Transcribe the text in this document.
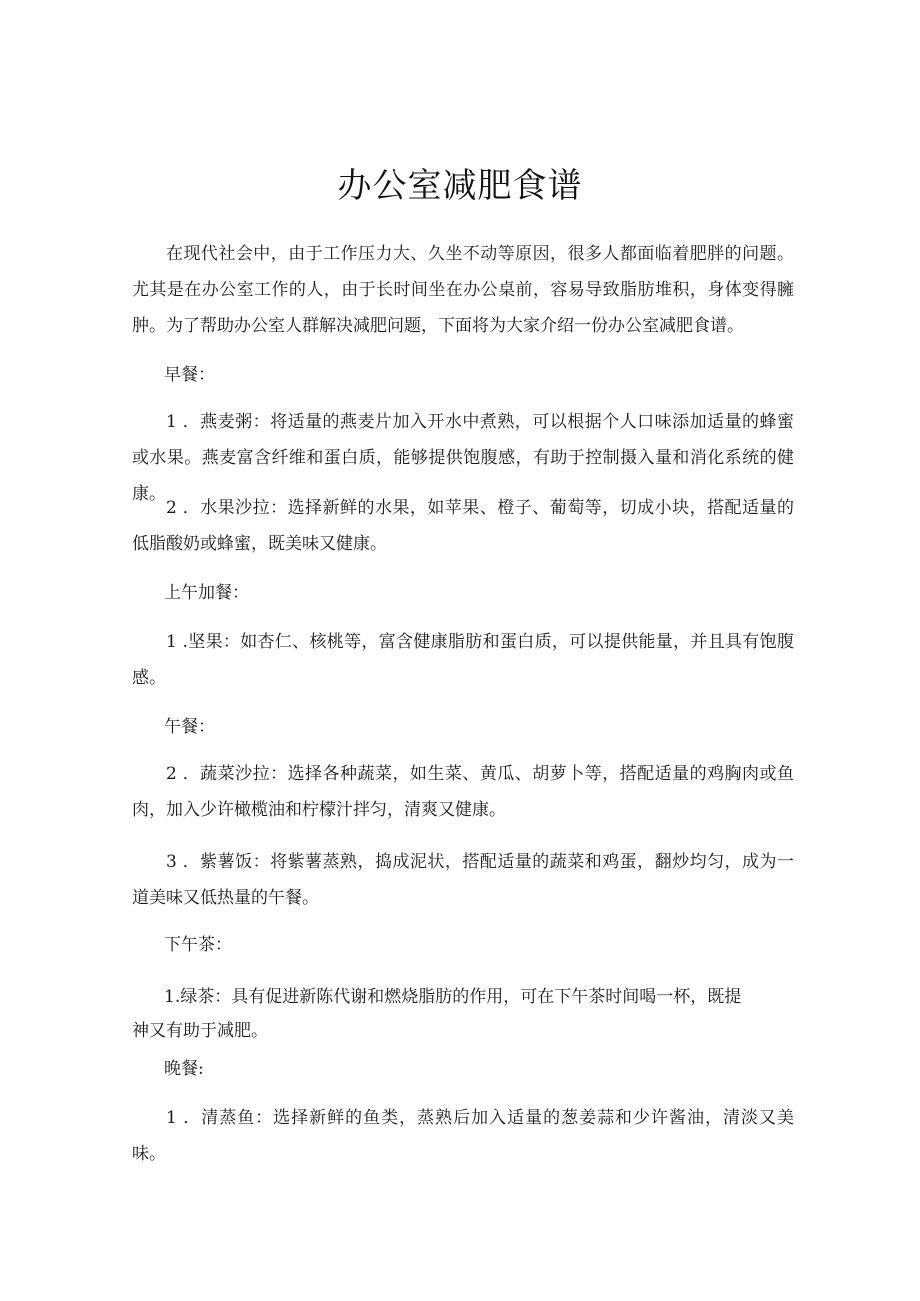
办公室减肥食谱
在现代社会中，由于工作压力大、久坐不动等原因，很多人都面临着肥胖的问题。尤其是在办公室工作的人，由于长时间坐在办公桌前，容易导致脂肪堆积，身体变得臃肿。为了帮助办公室人群解决减肥问题，下面将为大家介绍一份办公室减肥食谱。
早餐：
1 ．燕麦粥：将适量的燕麦片加入开水中煮熟，可以根据个人口味添加适量的蜂蜜或水果。燕麦富含纤维和蛋白质，能够提供饱腹感，有助于控制摄入量和消化系统的健康。
2 ．水果沙拉：选择新鲜的水果，如苹果、橙子、葡萄等，切成小块，搭配适量的低脂酸奶或蜂蜜，既美味又健康。
上午加餐：
1 .坚果：如杏仁、核桃等，富含健康脂肪和蛋白质，可以提供能量，并且具有饱腹感。
午餐：
2 ．蔬菜沙拉：选择各种蔬菜，如生菜、黄瓜、胡萝卜等，搭配适量的鸡胸肉或鱼肉，加入少许橄榄油和柠檬汁拌匀，清爽又健康。
3 ．紫薯饭：将紫薯蒸熟，捣成泥状，搭配适量的蔬菜和鸡蛋，翻炒均匀，成为一道美味又低热量的午餐。
下午茶：
1.绿茶：具有促进新陈代谢和燃烧脂肪的作用，可在下午茶时间喝一杯，既提
神又有助于减肥。
晚餐:
1 ．清蒸鱼：选择新鲜的鱼类，蒸熟后加入适量的葱姜蒜和少许酱油，清淡又美味。
